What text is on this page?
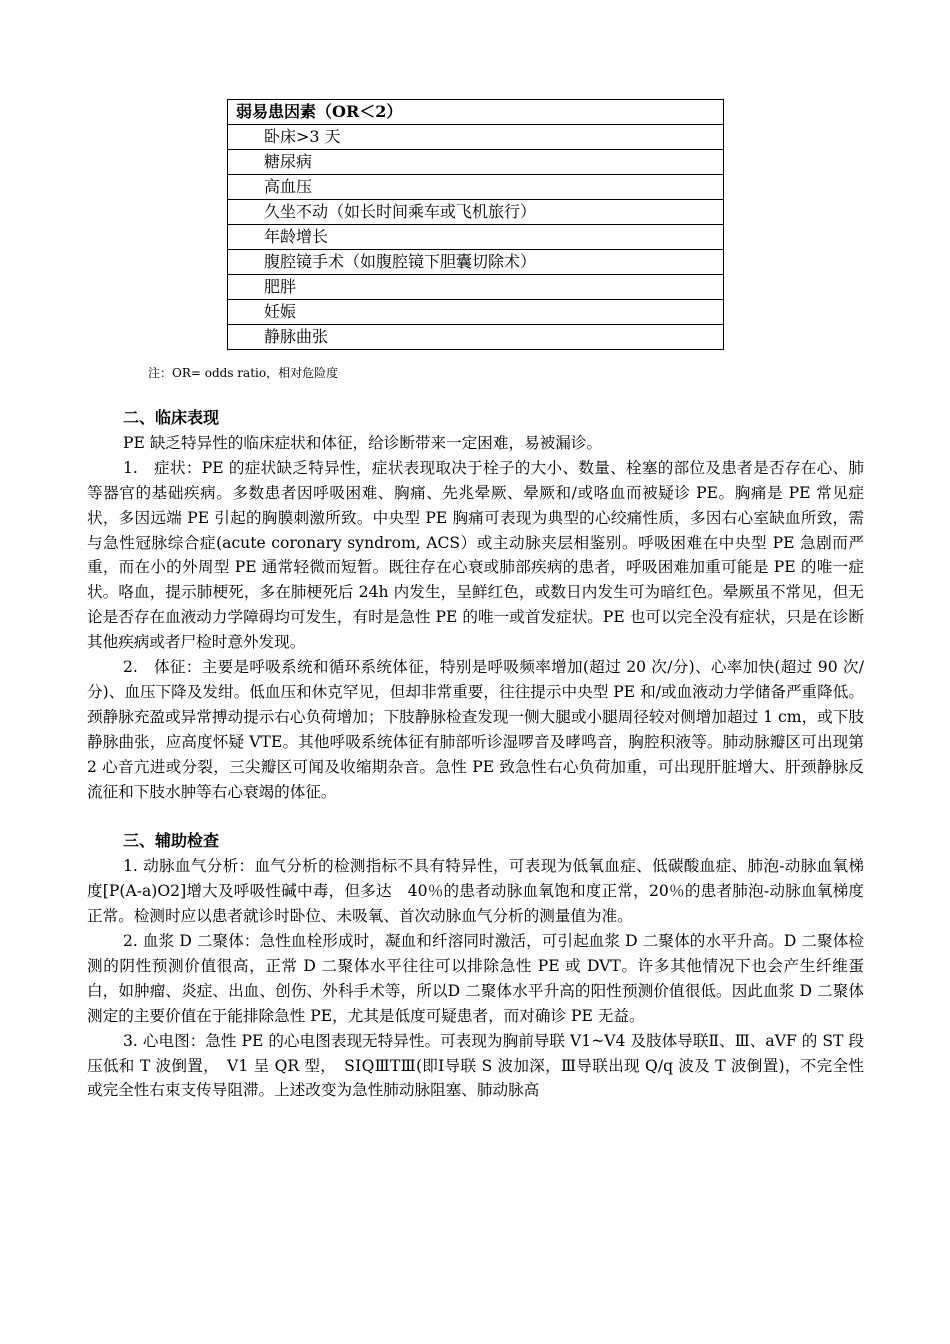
弱易患因素（OR＜2）
卧床>3 天
糖尿病
高血压
久坐不动（如长时间乘车或飞机旅行）
年龄增长
腹腔镜手术（如腹腔镜下胆囊切除术）
肥胖
妊娠
静脉曲张
注：OR= odds ratio，相对危险度
二、临床表现

PE 缺乏特异性的临床症状和体征，给诊断带来一定困难，易被漏诊。

1.　症状：PE 的症状缺乏特异性，症状表现取决于栓子的大小、数量、栓塞的部位及患者是否存在心、肺等器官的基础疾病。多数患者因呼吸困难、胸痛、先兆晕厥、晕厥和/或咯血而被疑诊 PE。胸痛是 PE 常见症状，多因远端 PE 引起的胸膜刺激所致。中央型 PE 胸痛可表现为典型的心绞痛性质，多因右心室缺血所致，需与急性冠脉综合症(acute coronary syndrom, ACS）或主动脉夹层相鉴别。呼吸困难在中央型 PE 急剧而严重，而在小的外周型 PE 通常轻微而短暂。既往存在心衰或肺部疾病的患者，呼吸困难加重可能是 PE 的唯一症状。咯血，提示肺梗死，多在肺梗死后 24h 内发生，呈鲜红色，或数日内发生可为暗红色。晕厥虽不常见，但无论是否存在血液动力学障碍均可发生，有时是急性 PE 的唯一或首发症状。PE 也可以完全没有症状，只是在诊断其他疾病或者尸检时意外发现。

2.　体征：主要是呼吸系统和循环系统体征，特别是呼吸频率增加(超过 20 次/分)、心率加快(超过 90 次/分)、血压下降及发绀。低血压和休克罕见，但却非常重要，往往提示中央型 PE 和/或血液动力学储备严重降低。颈静脉充盈或异常搏动提示右心负荷增加；下肢静脉检查发现一侧大腿或小腿周径较对侧增加超过 1 cm，或下肢静脉曲张，应高度怀疑 VTE。其他呼吸系统体征有肺部听诊湿啰音及哮鸣音，胸腔积液等。肺动脉瓣区可出现第 2 心音亢进或分裂，三尖瓣区可闻及收缩期杂音。急性 PE 致急性右心负荷加重，可出现肝脏增大、肝颈静脉反流征和下肢水肿等右心衰竭的体征。

三、辅助检查

1. 动脉血气分析：血气分析的检测指标不具有特异性，可表现为低氧血症、低碳酸血症、肺泡-动脉血氧梯度[P(A-a)O2]增大及呼吸性碱中毒，但多达　40％的患者动脉血氧饱和度正常，20％的患者肺泡-动脉血氧梯度正常。检测时应以患者就诊时卧位、未吸氧、首次动脉血气分析的测量值为准。

2. 血浆 D 二聚体：急性血栓形成时，凝血和纤溶同时激活，可引起血浆 D 二聚体的水平升高。D 二聚体检测的阴性预测价值很高，正常 D 二聚体水平往往可以排除急性 PE 或 DVT。许多其他情况下也会产生纤维蛋白，如肿瘤、炎症、出血、创伤、外科手术等，所以D 二聚体水平升高的阳性预测价值很低。因此血浆 D 二聚体测定的主要价值在于能排除急性 PE，尤其是低度可疑患者，而对确诊 PE 无益。

3. 心电图：急性 PE 的心电图表现无特异性。可表现为胸前导联 V1~V4 及肢体导联Ⅱ、Ⅲ、aVF 的 ST 段压低和 T 波倒置，　V1 呈 QR 型，　SⅠQⅢTⅢ(即Ⅰ导联 S 波加深，Ⅲ导联出现 Q/q 波及 T 波倒置)，不完全性或完全性右束支传导阻滞。上述改变为急性肺动脉阻塞、肺动脉高
